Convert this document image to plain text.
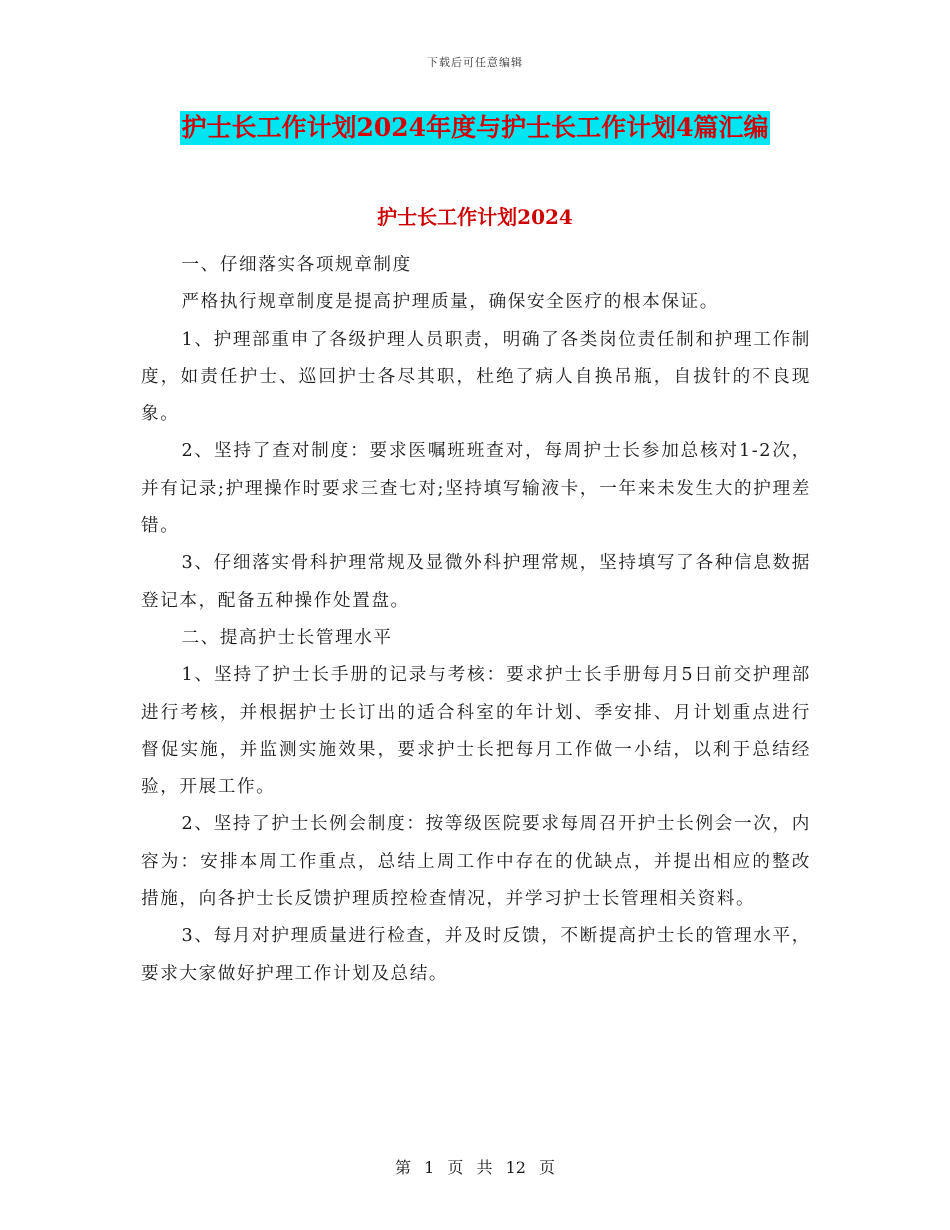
下载后可任意编辑
护士长工作计划2024年度与护士长工作计划4篇汇编
护士长工作计划2024

一、仔细落实各项规章制度

严格执行规章制度是提高护理质量，确保安全医疗的根本保证。

1、护理部重申了各级护理人员职责，明确了各类岗位责任制和护理工作制度，如责任护士、巡回护士各尽其职，杜绝了病人自换吊瓶，自拔针的不良现象。

2、坚持了查对制度：要求医嘱班班查对，每周护士长参加总核对1-2次，并有记录;护理操作时要求三查七对;坚持填写输液卡，一年来未发生大的护理差错。

3、仔细落实骨科护理常规及显微外科护理常规，坚持填写了各种信息数据登记本，配备五种操作处置盘。

二、提高护士长管理水平

1、坚持了护士长手册的记录与考核：要求护士长手册每月5日前交护理部进行考核，并根据护士长订出的适合科室的年计划、季安排、月计划重点进行督促实施，并监测实施效果，要求护士长把每月工作做一小结，以利于总结经验，开展工作。

2、坚持了护士长例会制度：按等级医院要求每周召开护士长例会一次，内容为：安排本周工作重点，总结上周工作中存在的优缺点，并提出相应的整改措施，向各护士长反馈护理质控检查情况，并学习护士长管理相关资料。

3、每月对护理质量进行检查，并及时反馈，不断提高护士长的管理水平，要求大家做好护理工作计划及总结。

第 1 页 共 12 页
